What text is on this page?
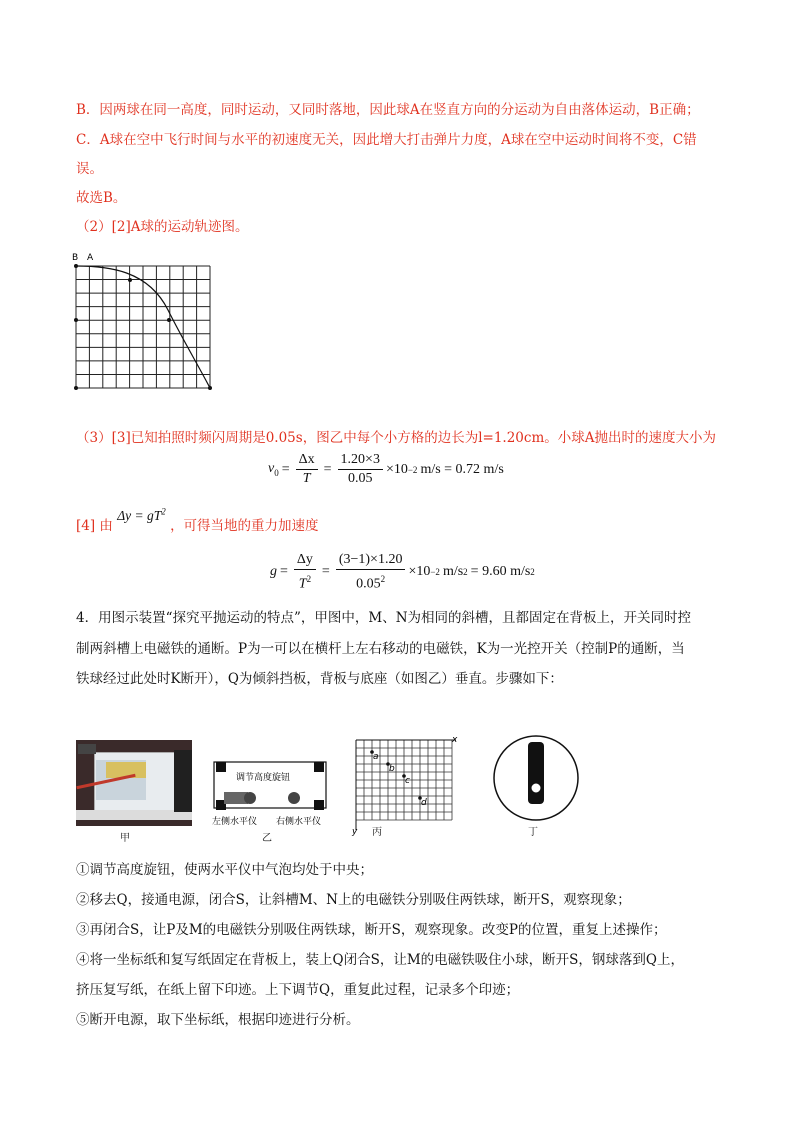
B．因两球在同一高度，同时运动，又同时落地，因此球A在竖直方向的分运动为自由落体运动，B正确；
C．A球在空中飞行时间与水平的初速度无关，因此增大打击弹片力度，A球在空中运动时间将不变，C错
误。
故选B。
（2）[2]A球的运动轨迹图。
B A
（3）[3]已知拍照时频闪周期是0.05s，图乙中每个小方格的边长为l=1.20cm。小球A抛出时的速度大小为
$v_0 = \frac{\Delta x}{T} = \frac{1.20\times 3}{0.05} \times 10 -2$ m/s = 0.72 m/s
[4] 由 $\Delta y = gT^2$ ，可得当地的重力加速度
$g = \frac{\Delta y}{T^2} = \frac{(3-1)\times 1.20}{0.05^2} \times 10 -2$ m/s 2 = 9.60 m/s 2
4．用图示装置“探究平抛运动的特点”，甲图中，M、N为相同的斜槽，且都固定在背板上，开关同时控
制两斜槽上电磁铁的通断。P为一可以在横杆上左右移动的电磁铁，K为一光控开关（控制P的通断，当
铁球经过此处时K断开），Q为倾斜挡板，背板与底座（如图乙）垂直。步骤如下：
甲
调节高度旋钮
左侧水平仪 右侧水平仪
乙
x
y
a
b
c
d
丙	丁
①调节高度旋钮，使两水平仪中气泡均处于中央；
②移去Q，接通电源，闭合S，让斜槽M、N上的电磁铁分别吸住两铁球，断开S，观察现象；
③再闭合S，让P及M的电磁铁分别吸住两铁球，断开S，观察现象。改变P的位置，重复上述操作；
④将一坐标纸和复写纸固定在背板上，装上Q闭合S，让M的电磁铁吸住小球，断开S，钢球落到Q上，
挤压复写纸，在纸上留下印迹。上下调节Q，重复此过程，记录多个印迹；
⑤断开电源，取下坐标纸，根据印迹进行分析。
